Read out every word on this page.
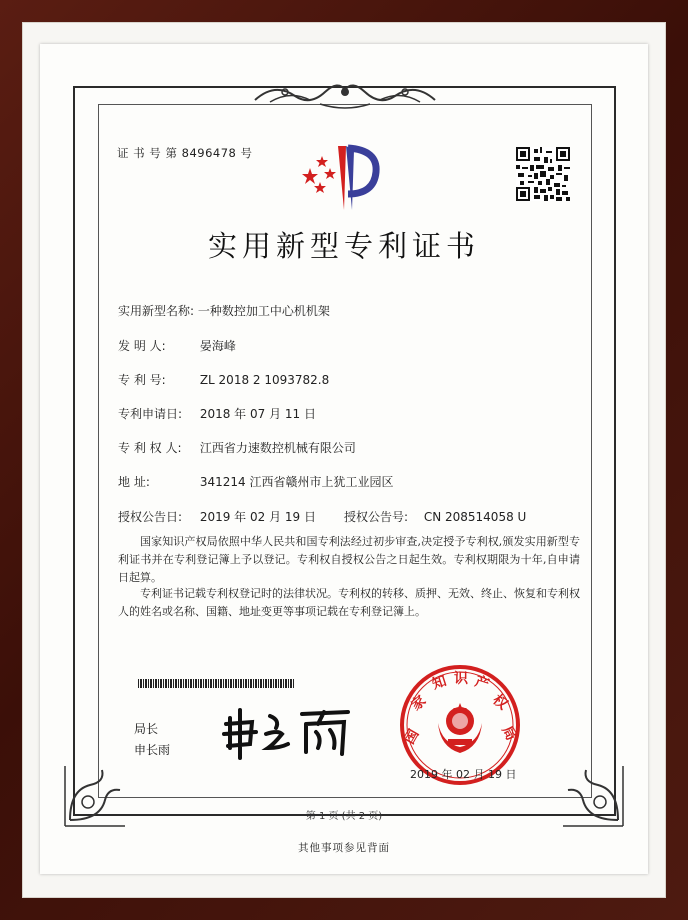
证 书 号 第 8496478 号
实用新型专利证书
实用新型名称: 一种数控加工中心机机架
发 明 人:	晏海峰
专 利 号:	ZL 2018 2 1093782.8
专利申请日: 2018 年 07 月 11 日
专 利 权 人: 江西省力速数控机械有限公司
地 址:	341214 江西省赣州市上犹工业园区
授权公告日: 2019 年 02 月 19 日 授权公告号: CN 208514058 U
国家知识产权局依照中华人民共和国专利法经过初步审查,决定授予专利权,颁发实用新型专利证书并在专利登记簿上予以登记。专利权自授权公告之日起生效。专利权期限为十年,自申请日起算。
专利证书记载专利权登记时的法律状况。专利权的转移、质押、无效、终止、恢复和专利权人的姓名或名称、国籍、地址变更等事项记载在专利登记簿上。
局长
申长雨
国
家
知 识 产
权
局
2019 年 02 月 19 日
第 1 页 (共 2 页)
其他事项参见背面
